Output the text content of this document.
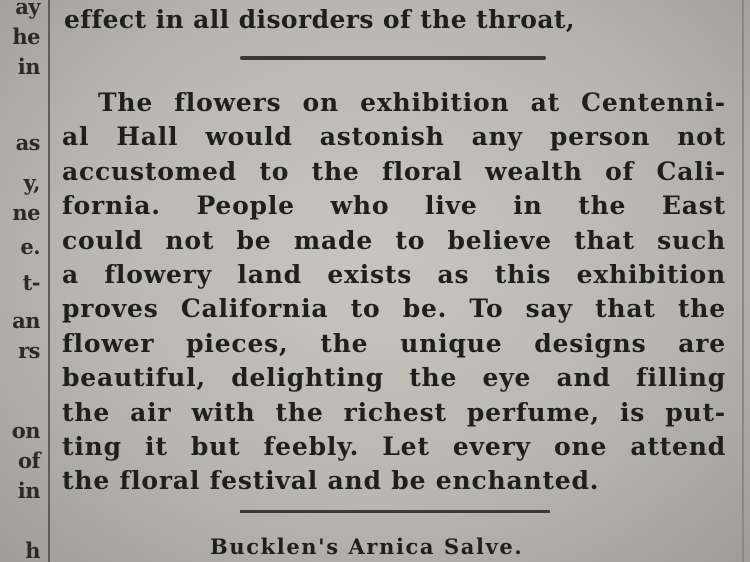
ay
he
in
as
y,
ne
e.
t-
an
rs
on
of
in
h
effect in all disorders of the throat,
The flowers on exhibition at Centenni-
al Hall would astonish any person not
accustomed to the floral wealth of Cali-
fornia. People who live in the East
could not be made to believe that such
a flowery land exists as this exhibition
proves California to be. To say that the
flower pieces, the unique designs are
beautiful, delighting the eye and filling
the air with the richest perfume, is put-
ting it but feebly. Let every one attend
the floral festival and be enchanted.
Bucklen's Arnica Salve.
